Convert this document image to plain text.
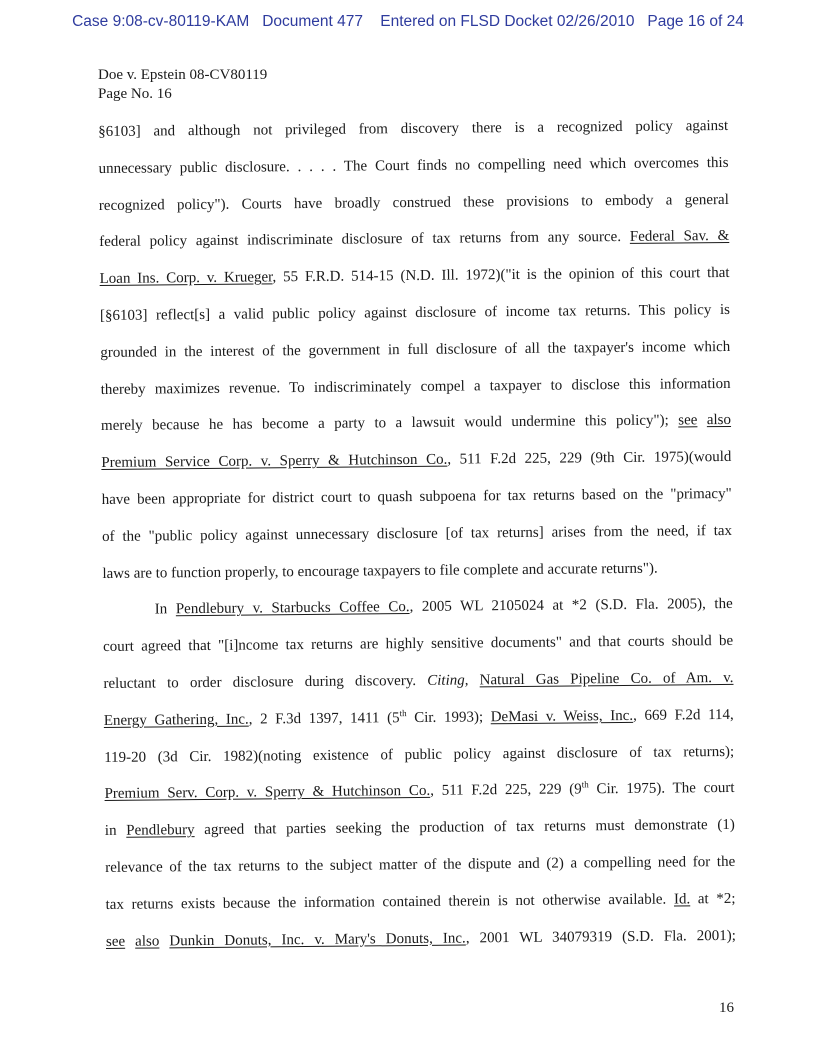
Case 9:08-cv-80119-KAM   Document 477    Entered on FLSD Docket 02/26/2010   Page 16 of 24
Doe v. Epstein 08-CV80119
Page No. 16
§6103] and although not privileged from discovery there is a recognized policy against
unnecessary public disclosure. . . . . The Court finds no compelling need which overcomes this
recognized policy"). Courts have broadly construed these provisions to embody a general
federal policy against indiscriminate disclosure of tax returns from any source. Federal Sav. &
Loan Ins. Corp. v. Krueger, 55 F.R.D. 514-15 (N.D. Ill. 1972)("it is the opinion of this court that
[§6103] reflect[s] a valid public policy against disclosure of income tax returns. This policy is
grounded in the interest of the government in full disclosure of all the taxpayer's income which
thereby maximizes revenue. To indiscriminately compel a taxpayer to disclose this information
merely because he has become a party to a lawsuit would undermine this policy"); see also
Premium Service Corp. v. Sperry & Hutchinson Co., 511 F.2d 225, 229 (9th Cir. 1975)(would
have been appropriate for district court to quash subpoena for tax returns based on the "primacy"
of the "public policy against unnecessary disclosure [of tax returns] arises from the need, if tax
laws are to function properly, to encourage taxpayers to file complete and accurate returns").
In Pendlebury v. Starbucks Coffee Co., 2005 WL 2105024 at *2 (S.D. Fla. 2005), the
court agreed that "[i]ncome tax returns are highly sensitive documents" and that courts should be
reluctant to order disclosure during discovery. Citing, Natural Gas Pipeline Co. of Am. v.
Energy Gathering, Inc., 2 F.3d 1397, 1411 (5th Cir. 1993); DeMasi v. Weiss, Inc., 669 F.2d 114,
119-20 (3d Cir. 1982)(noting existence of public policy against disclosure of tax returns);
Premium Serv. Corp. v. Sperry & Hutchinson Co., 511 F.2d 225, 229 (9th Cir. 1975). The court
in Pendlebury agreed that parties seeking the production of tax returns must demonstrate (1)
relevance of the tax returns to the subject matter of the dispute and (2) a compelling need for the
tax returns exists because the information contained therein is not otherwise available. Id. at *2;
see also Dunkin Donuts, Inc. v. Mary's Donuts, Inc., 2001 WL 34079319 (S.D. Fla. 2001);
16
